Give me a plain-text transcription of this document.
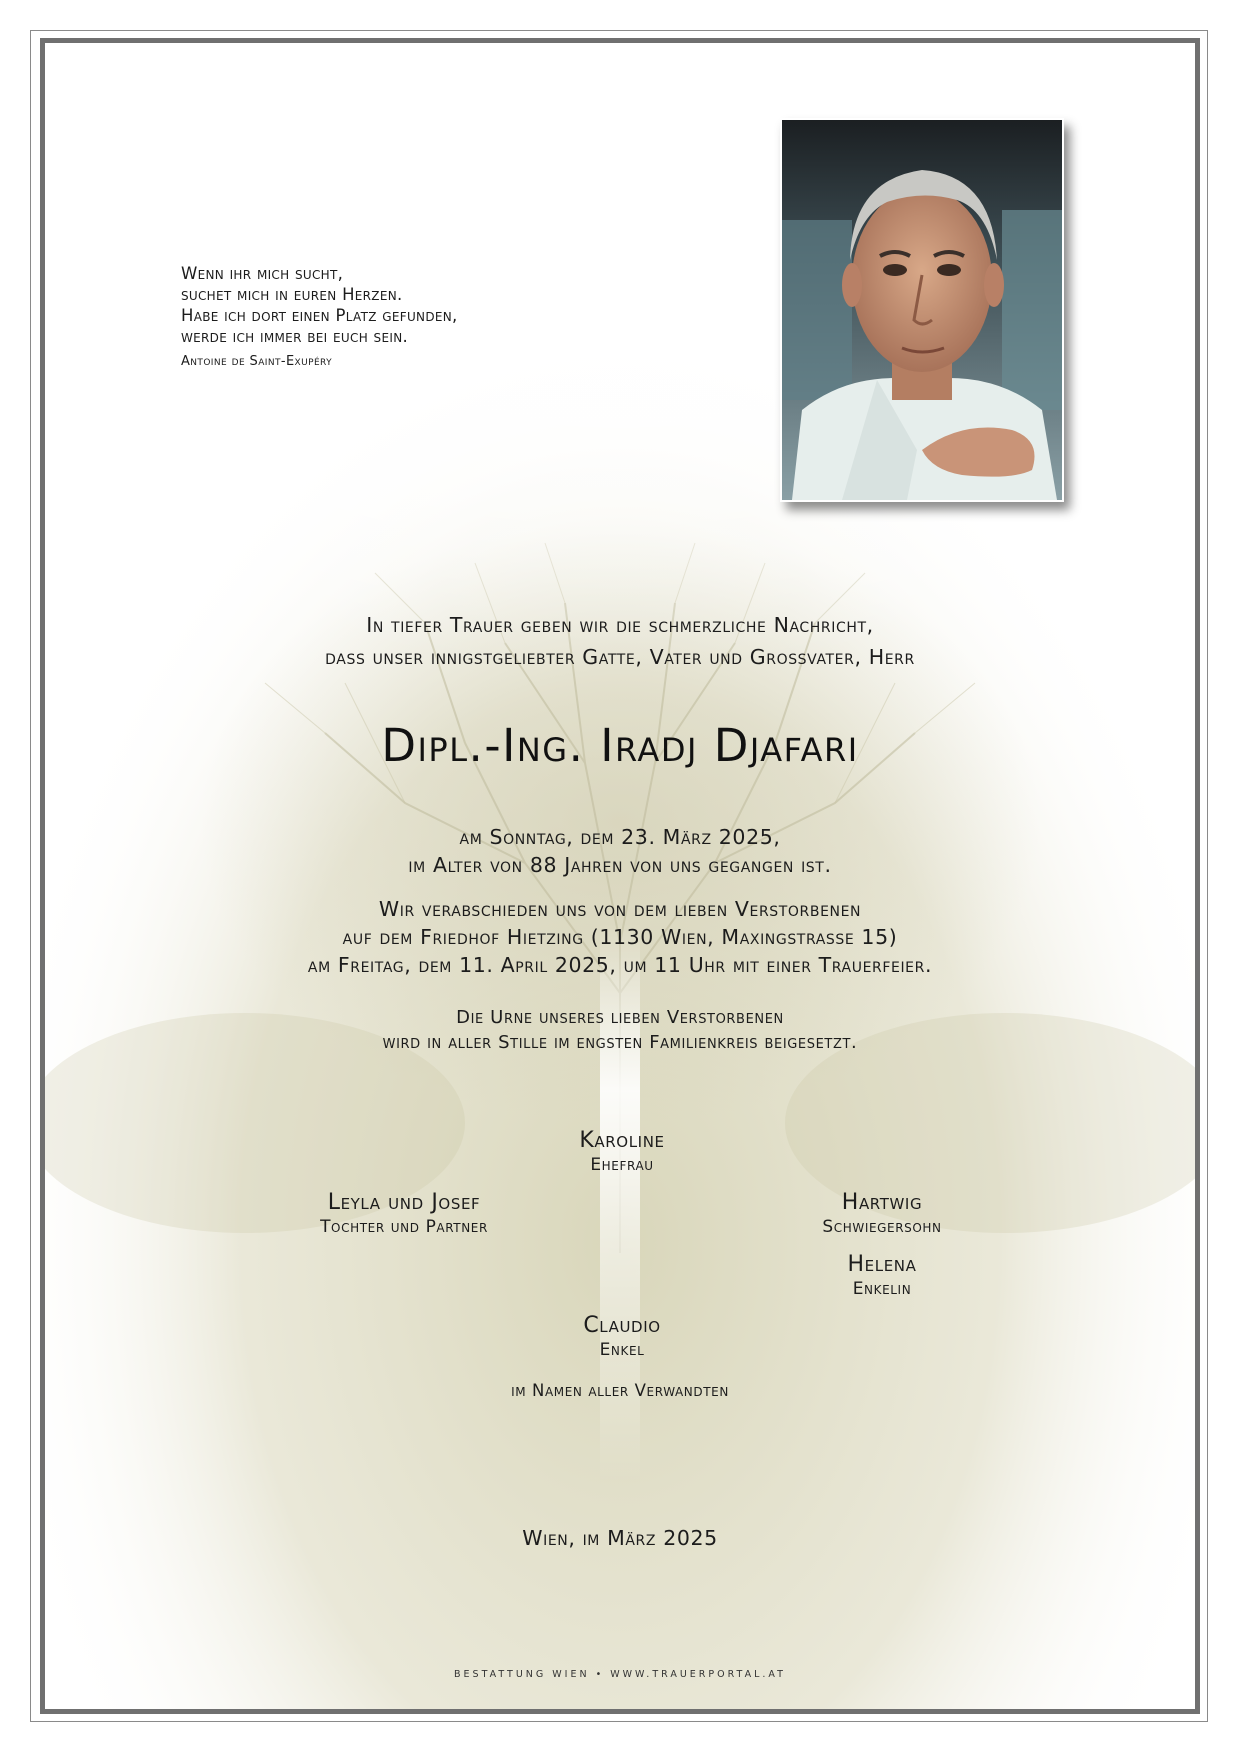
Wenn ihr mich sucht,
suchet mich in euren Herzen.
Habe ich dort einen Platz gefunden,
werde ich immer bei euch sein.
Antoine de Saint-Exupéry
In tiefer Trauer geben wir die schmerzliche Nachricht,
dass unser innigstgeliebter Gatte, Vater und Grossvater, Herr
Dipl.-Ing. Iradj Djafari
am Sonntag, dem 23. März 2025,
im Alter von 88 Jahren von uns gegangen ist.
Wir verabschieden uns von dem lieben Verstorbenen
auf dem Friedhof Hietzing (1130 Wien, Maxingstrasse 15)
am Freitag, dem 11. April 2025, um 11 Uhr mit einer Trauerfeier.
Die Urne unseres lieben Verstorbenen
wird in aller Stille im engsten Familienkreis beigesetzt.
Karoline
Ehefrau
Leyla und Josef
Tochter und Partner
Hartwig
Schwiegersohn
Helena
Enkelin
Claudio
Enkel
im Namen aller Verwandten
Wien, im März 2025
BESTATTUNG WIEN • WWW.TRAUERPORTAL.AT
